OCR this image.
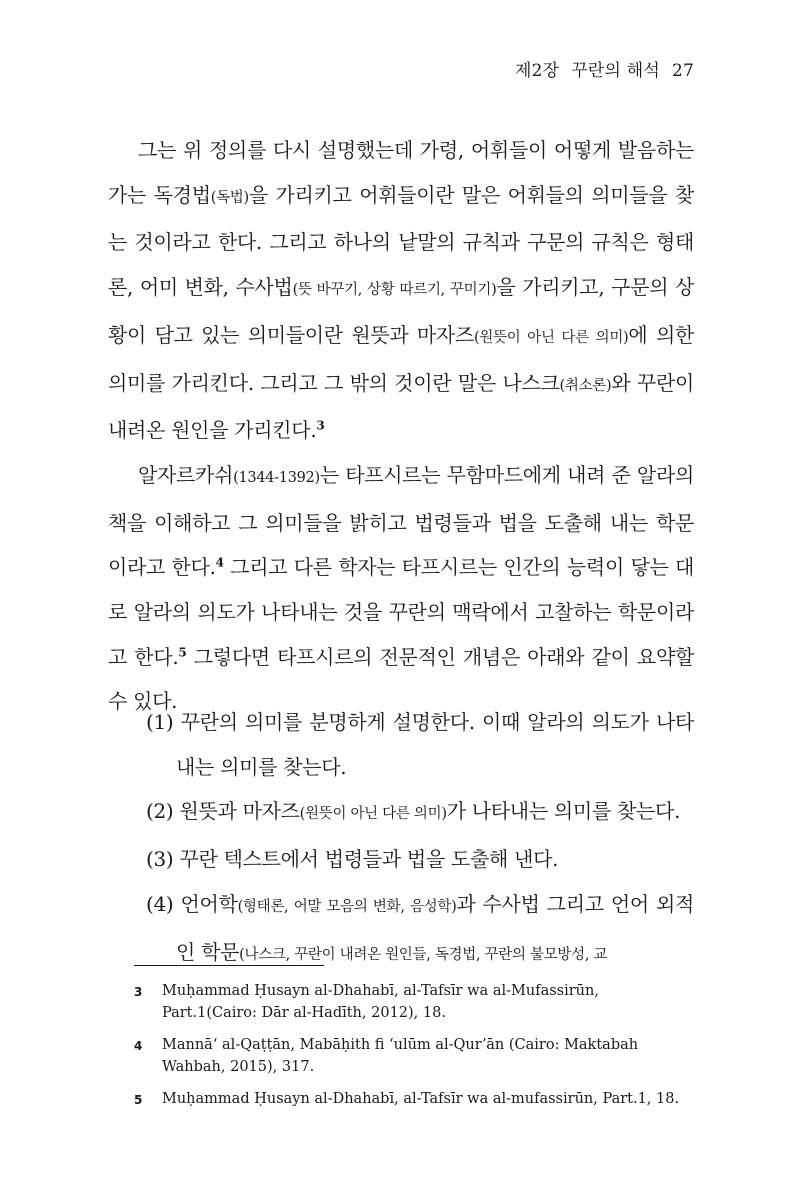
제2장 꾸란의 해석 27

그는 위 정의를 다시 설명했는데 가령, 어휘들이 어떻게 발음하는 가는 독경법(독법)을 가리키고 어휘들이란 말은 어휘들의 의미들을 찾는 것이라고 한다. 그리고 하나의 낱말의 규칙과 구문의 규칙은 형태론, 어미 변화, 수사법(뜻 바꾸기, 상황 따르기, 꾸미기)을 가리키고, 구문의 상황이 담고 있는 의미들이란 원뜻과 마자즈(원뜻이 아닌 다른 의미)에 의한 의미를 가리킨다. 그리고 그 밖의 것이란 말은 나스크(취소론)와 꾸란이 내려온 원인을 가리킨다.$^3$

알자르카쉬(1344-1392)는 타프시르는 무함마드에게 내려 준 알라의 책을 이해하고 그 의미들을 밝히고 법령들과 법을 도출해 내는 학문이라고 한다.$^4$ 그리고 다른 학자는 타프시르는 인간의 능력이 닿는 대로 알라의 의도가 나타내는 것을 꾸란의 맥락에서 고찰하는 학문이라고 한다.$^5$ 그렇다면 타프시르의 전문적인 개념은 아래와 같이 요약할 수 있다.

(1) 꾸란의 의미를 분명하게 설명한다. 이때 알라의 의도가 나타내는 의미를 찾는다.
(2) 원뜻과 마자즈(원뜻이 아닌 다른 의미)가 나타내는 의미를 찾는다.
(3) 꾸란 텍스트에서 법령들과 법을 도출해 낸다.
(4) 언어학(형태론, 어말 모음의 변화, 음성학)과 수사법 그리고 언어 외적인 학문(나스크, 꾸란이 내려온 원인들, 독경법, 꾸란의 불모방성, 교
3 Muḥammad Ḥusayn al-Dhahabī, al-Tafsīr wa al-Mufassirūn, Part.1(Cairo: Dār al-Hadīth, 2012), 18.
4 Mannāʻ al-Qaṭṭān, Mabāḥith fi ʻulūm al-Qurʼān (Cairo: Maktabah Wahbah, 2015), 317.
5 Muḥammad Ḥusayn al-Dhahabī, al-Tafsīr wa al-mufassirūn, Part.1, 18.
